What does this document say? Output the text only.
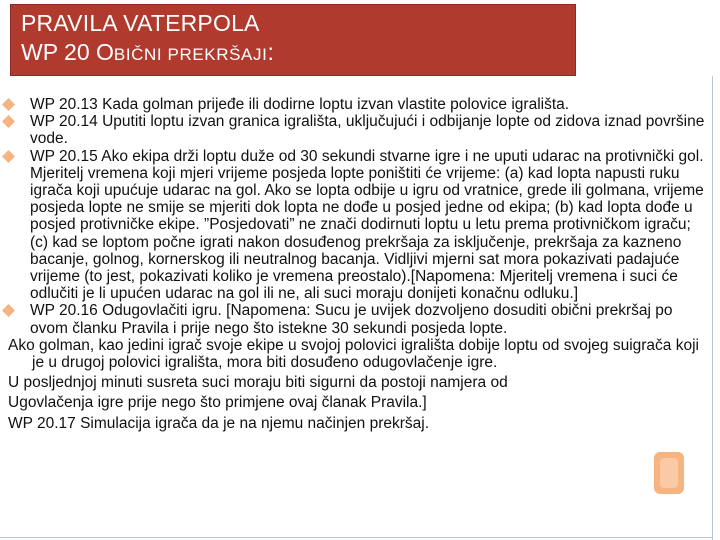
PRAVILA VATERPOLA
WP 20 OBIČNI PREKRŠAJI:
WP 20.13 Kada golman prijeđe ili dodirne loptu izvan vlastite polovice igrališta.
WP 20.14 Uputiti loptu izvan granica igrališta, uključujući i odbijanje lopte od zidova iznad površine vode.
WP 20.15 Ako ekipa drži loptu duže od 30 sekundi stvarne igre i ne uputi udarac na protivnički gol. Mjeritelj vremena koji mjeri vrijeme posjeda lopte poništiti će vrijeme: (a) kad lopta napusti ruku igrača koji upućuje udarac na gol. Ako se lopta odbije u igru od vratnice, grede ili golmana, vrijeme posjeda lopte ne smije se mjeriti dok lopta ne dođe u posjed jedne od ekipa; (b) kad lopta dođe u posjed protivničke ekipe. ”Posjedovati” ne znači dodirnuti loptu u letu prema protivničkom igraču; (c) kad se loptom počne igrati nakon dosuđenog prekršaja za isključenje, prekršaja za kazneno bacanje, golnog, kornerskog ili neutralnog bacanja. Vidljivi mjerni sat mora pokazivati padajuće vrijeme (to jest, pokazivati koliko je vremena preostalo).[Napomena: Mjeritelj vremena i suci će odlučiti je li upućen udarac na gol ili ne, ali suci moraju donijeti konačnu odluku.]
WP 20.16 Odugovlačiti igru. [Napomena: Sucu je uvijek dozvoljeno dosuditi obični prekršaj po ovom članku Pravila i prije nego što istekne 30 sekundi posjeda lopte.
Ako golman, kao jedini igrač svoje ekipe u svojoj polovici igrališta dobije loptu od svojeg suigrača koji je u drugoj polovici igrališta, mora biti dosuđeno odugovlačenje igre.
U posljednjoj minuti susreta suci moraju biti sigurni da postoji namjera od
Ugovlačenja igre prije nego što primjene ovaj članak Pravila.]
WP 20.17 Simulacija igrača da je na njemu načinjen prekršaj.
